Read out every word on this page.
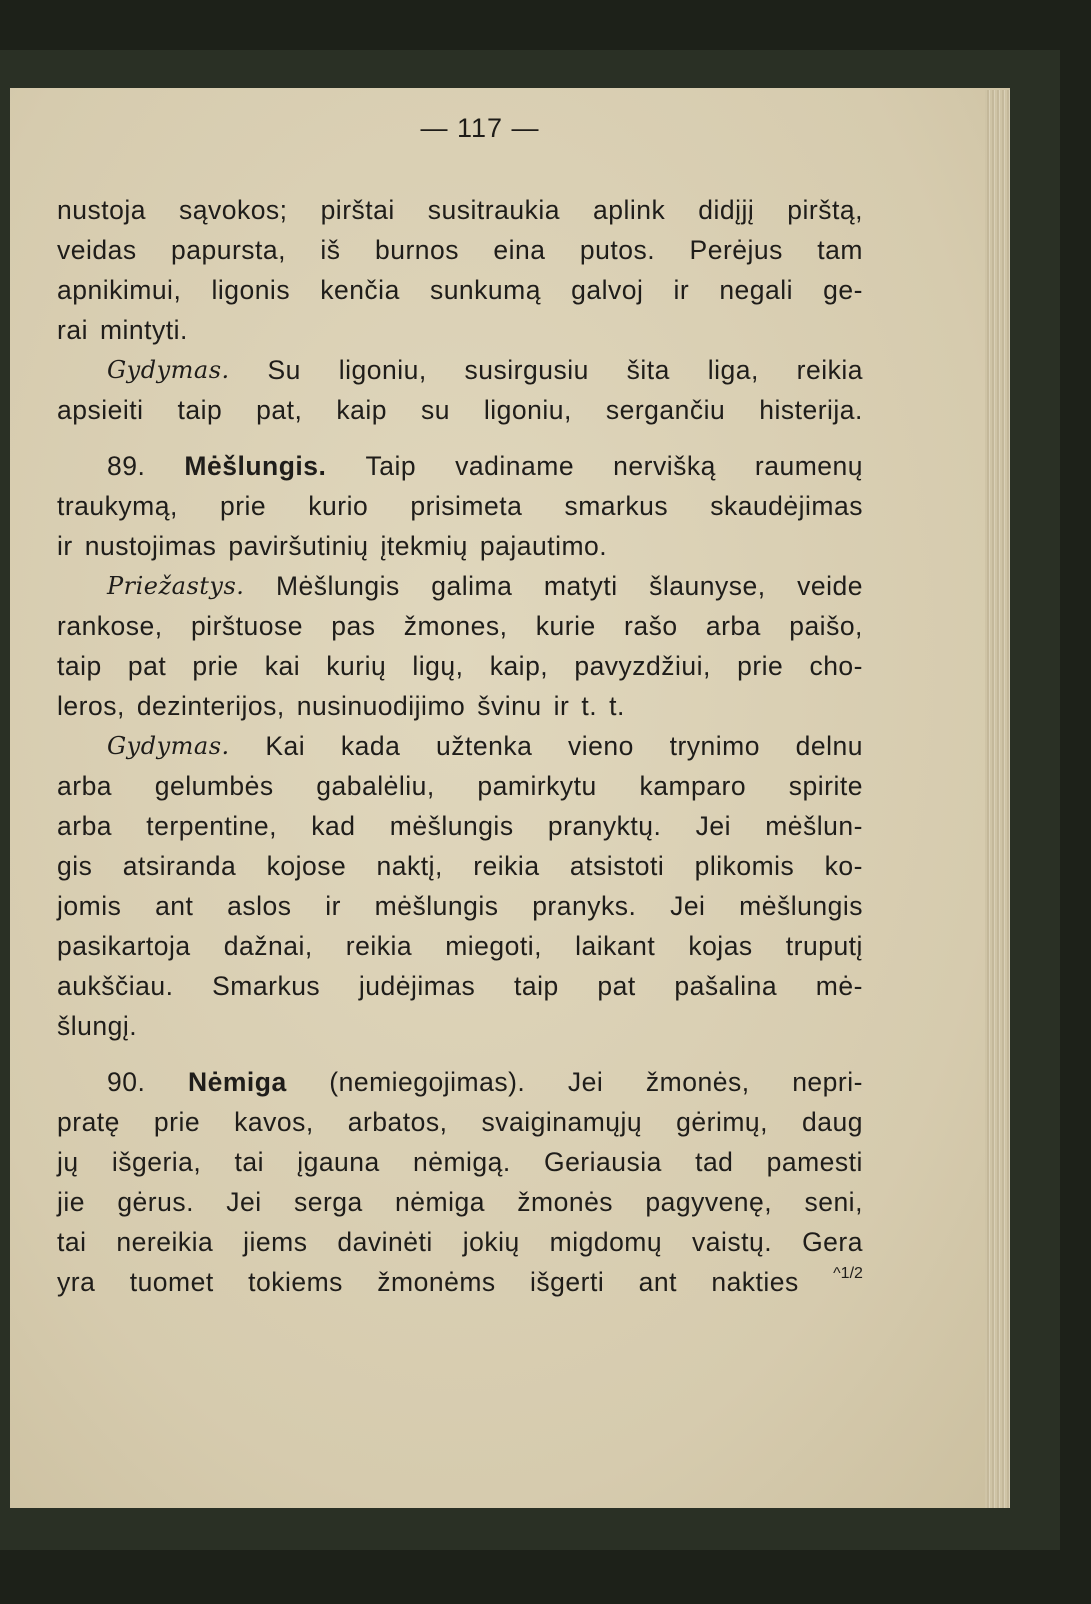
— 117 —
nustoja sąvokos; pirštai susitraukia aplink didįjį pirštą,
veidas papursta, iš burnos eina putos. Perėjus tam
apnikimui, ligonis kenčia sunkumą galvoj ir negali ge-
rai mintyti.
Gydymas. Su ligoniu, susirgusiu šita liga, reikia
apsieiti taip pat, kaip su ligoniu, sergančiu histerija.
89. Mėšlungis. Taip vadiname nervišką raumenų
traukymą, prie kurio prisimeta smarkus skaudėjimas
ir nustojimas paviršutinių įtekmių pajautimo.
Priežastys. Mėšlungis galima matyti šlaunyse, veide
rankose, pirštuose pas žmones, kurie rašo arba paišo,
taip pat prie kai kurių ligų, kaip, pavyzdžiui, prie cho-
leros, dezinterijos, nusinuodijimo švinu ir t. t.
Gydymas. Kai kada užtenka vieno trynimo delnu
arba gelumbės gabalėliu, pamirkytu kamparo spirite
arba terpentine, kad mėšlungis pranyktų. Jei mėšlun-
gis atsiranda kojose naktį, reikia atsistoti plikomis ko-
jomis ant aslos ir mėšlungis pranyks. Jei mėšlungis
pasikartoja dažnai, reikia miegoti, laikant kojas truputį
aukščiau. Smarkus judėjimas taip pat pašalina mė-
šlungį.
90. Nėmiga (nemiegojimas). Jei žmonės, nepri-
pratę prie kavos, arbatos, svaiginamųjų gėrimų, daug
jų išgeria, tai įgauna nėmigą. Geriausia tad pamesti
jie gėrus. Jei serga nėmiga žmonės pagyvenę, seni,
tai nereikia jiems davinėti jokių migdomų vaistų. Gera
yra tuomet tokiems žmonėms išgerti ant nakties ^1/2
